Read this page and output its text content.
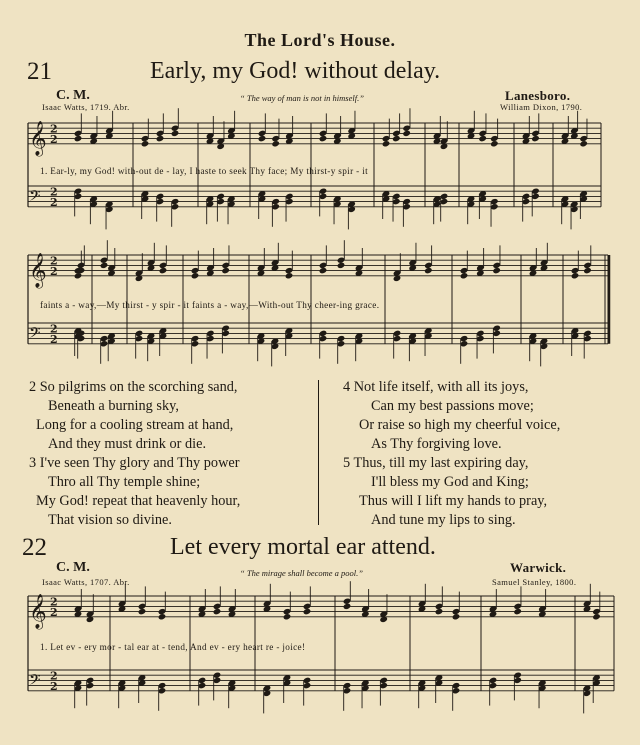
The Lord's House.
21	Early, my God! without delay.
C. M.	Lanesboro.
Isaac Watts, 1719. Abr.
“ The way of man is not in himself.”
William Dixon, 1790.
𝄞 2
2
𝄢 2
2
𝄞 2
2
𝄢 2
2
𝄞 2
2
𝄢 2
2
1. Ear-ly, my God! with-out de - lay, I haste to seek Thy face; My thirst-y spir - it
faints a - way,—My thirst - y spir - it faints a - way,—With-out Thy cheer-ing grace.
2 So pilgrims on the scorching sand,
Beneath a burning sky,
Long for a cooling stream at hand,
And they must drink or die.
3 I've seen Thy glory and Thy power
Thro all Thy temple shine;
My God! repeat that heavenly hour,
That vision so divine.
4 Not life itself, with all its joys,
Can my best passions move;
Or raise so high my cheerful voice,
As Thy forgiving love.
5 Thus, till my last expiring day,
I'll bless my God and King;
Thus will I lift my hands to pray,
And tune my lips to sing.
22	Let every mortal ear attend.
C. M.	Warwick.
Isaac Watts, 1707. Abr.
“ The mirage shall become a pool.”
Samuel Stanley, 1800.
1. Let ev - ery mor - tal ear at - tend, And ev - ery heart re - joice!
